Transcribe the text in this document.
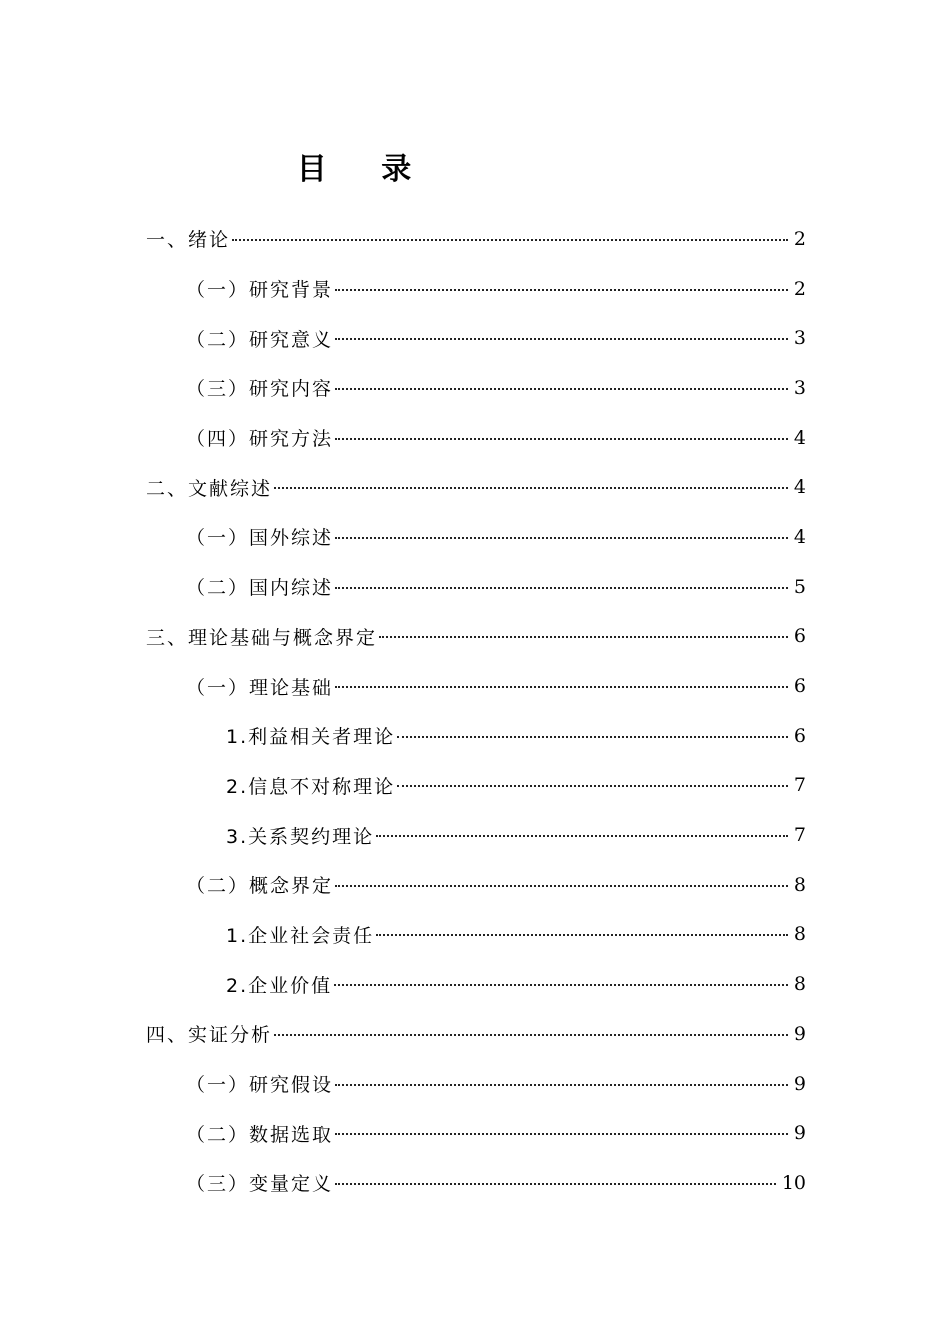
目 录
一、绪论	2
（一）研究背景	2
（二）研究意义	3
（三）研究内容	3
（四）研究方法	4
二、文献综述	4
（一）国外综述	4
（二）国内综述	5
三、理论基础与概念界定	6
（一）理论基础	6
1.利益相关者理论	6
2.信息不对称理论	7
3.关系契约理论	7
（二）概念界定	8
1.企业社会责任	8
2.企业价值	8
四、实证分析	9
（一）研究假设	9
（二）数据选取	9
（三）变量定义	10
